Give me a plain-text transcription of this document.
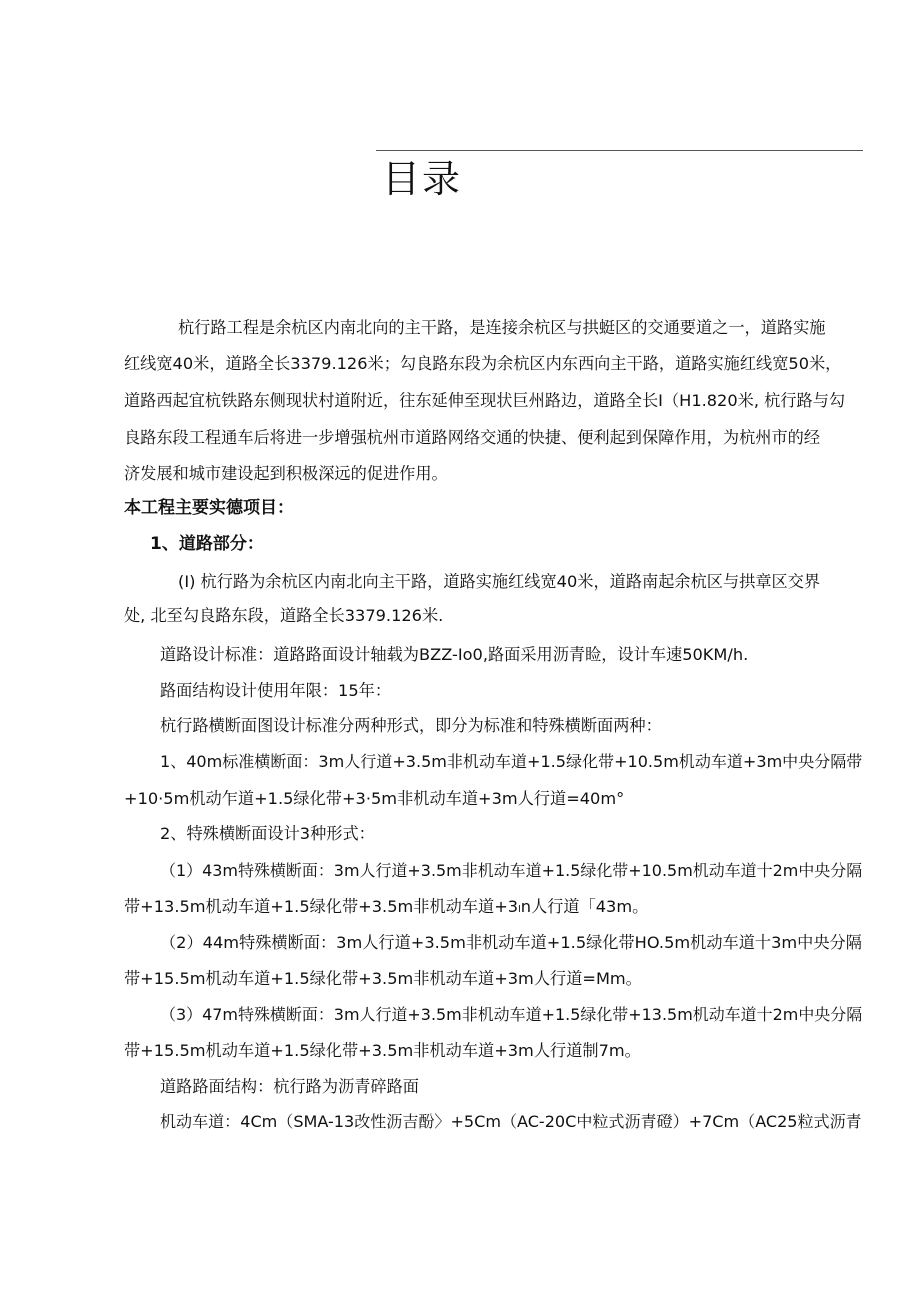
目录
杭行路工程是余杭区内南北向的主干路，是连接余杭区与拱蜓区的交通要道之一，道路实施
红线宽40米，道路全长3379.126米；勾良路东段为余杭区内东西向主干路，道路实施红线宽50米，
道路西起宜杭铁路东侧现状村道附近，往东延伸至现状巨州路边，道路全长I（H1.820米, 杭行路与勾
良路东段工程通车后将进一步增强杭州市道路网络交通的快捷、便利起到保障作用，为杭州市的经
济发展和城市建设起到积极深远的促进作用。
本工程主要实德项目：
1、道路部分：
(I) 杭行路为余杭区内南北向主干路，道路实施红线宽40米，道路南起余杭区与拱章区交界
处, 北至勾良路东段，道路全长3379.126米.
道路设计标准：道路路面设计轴载为BZZ-Io0,路面采用沥青睑，设计车速50KM/h.
路面结构设计使用年限：15年：
杭行路横断面图设计标准分两种形式，即分为标准和特殊横断面两种：
1、40m标准横断面：3m人行道+3.5m非机动车道+1.5绿化带+10.5m机动车道+3m中央分隔带
+10·5m机动乍道+1.5绿化带+3·5m非机动车道+3m人行道=40m°
2、特殊横断面设计3种形式：
（1）43m特殊横断面：3m人行道+3.5m非机动车道+1.5绿化带+10.5m机动车道十2m中央分隔
带+13.5m机动车道+1.5绿化带+3.5m非机动车道+3ₗn人行道「43m。
（2）44m特殊横断面：3m人行道+3.5m非机动车道+1.5绿化带HO.5m机动车道十3m中央分隔
带+15.5m机动车道+1.5绿化带+3.5m非机动车道+3m人行道=Mm。
（3）47m特殊横断面：3m人行道+3.5m非机动车道+1.5绿化带+13.5m机动车道十2m中央分隔
带+15.5m机动车道+1.5绿化带+3.5m非机动车道+3m人行道制7m。
道路路面结构：杭行路为沥青碎路面
机动车道：4Cm（SMA-13改性沥吉酚〉+5Cm（AC-20C中粒式沥青磴）+7Cm（AC25粒式沥青
